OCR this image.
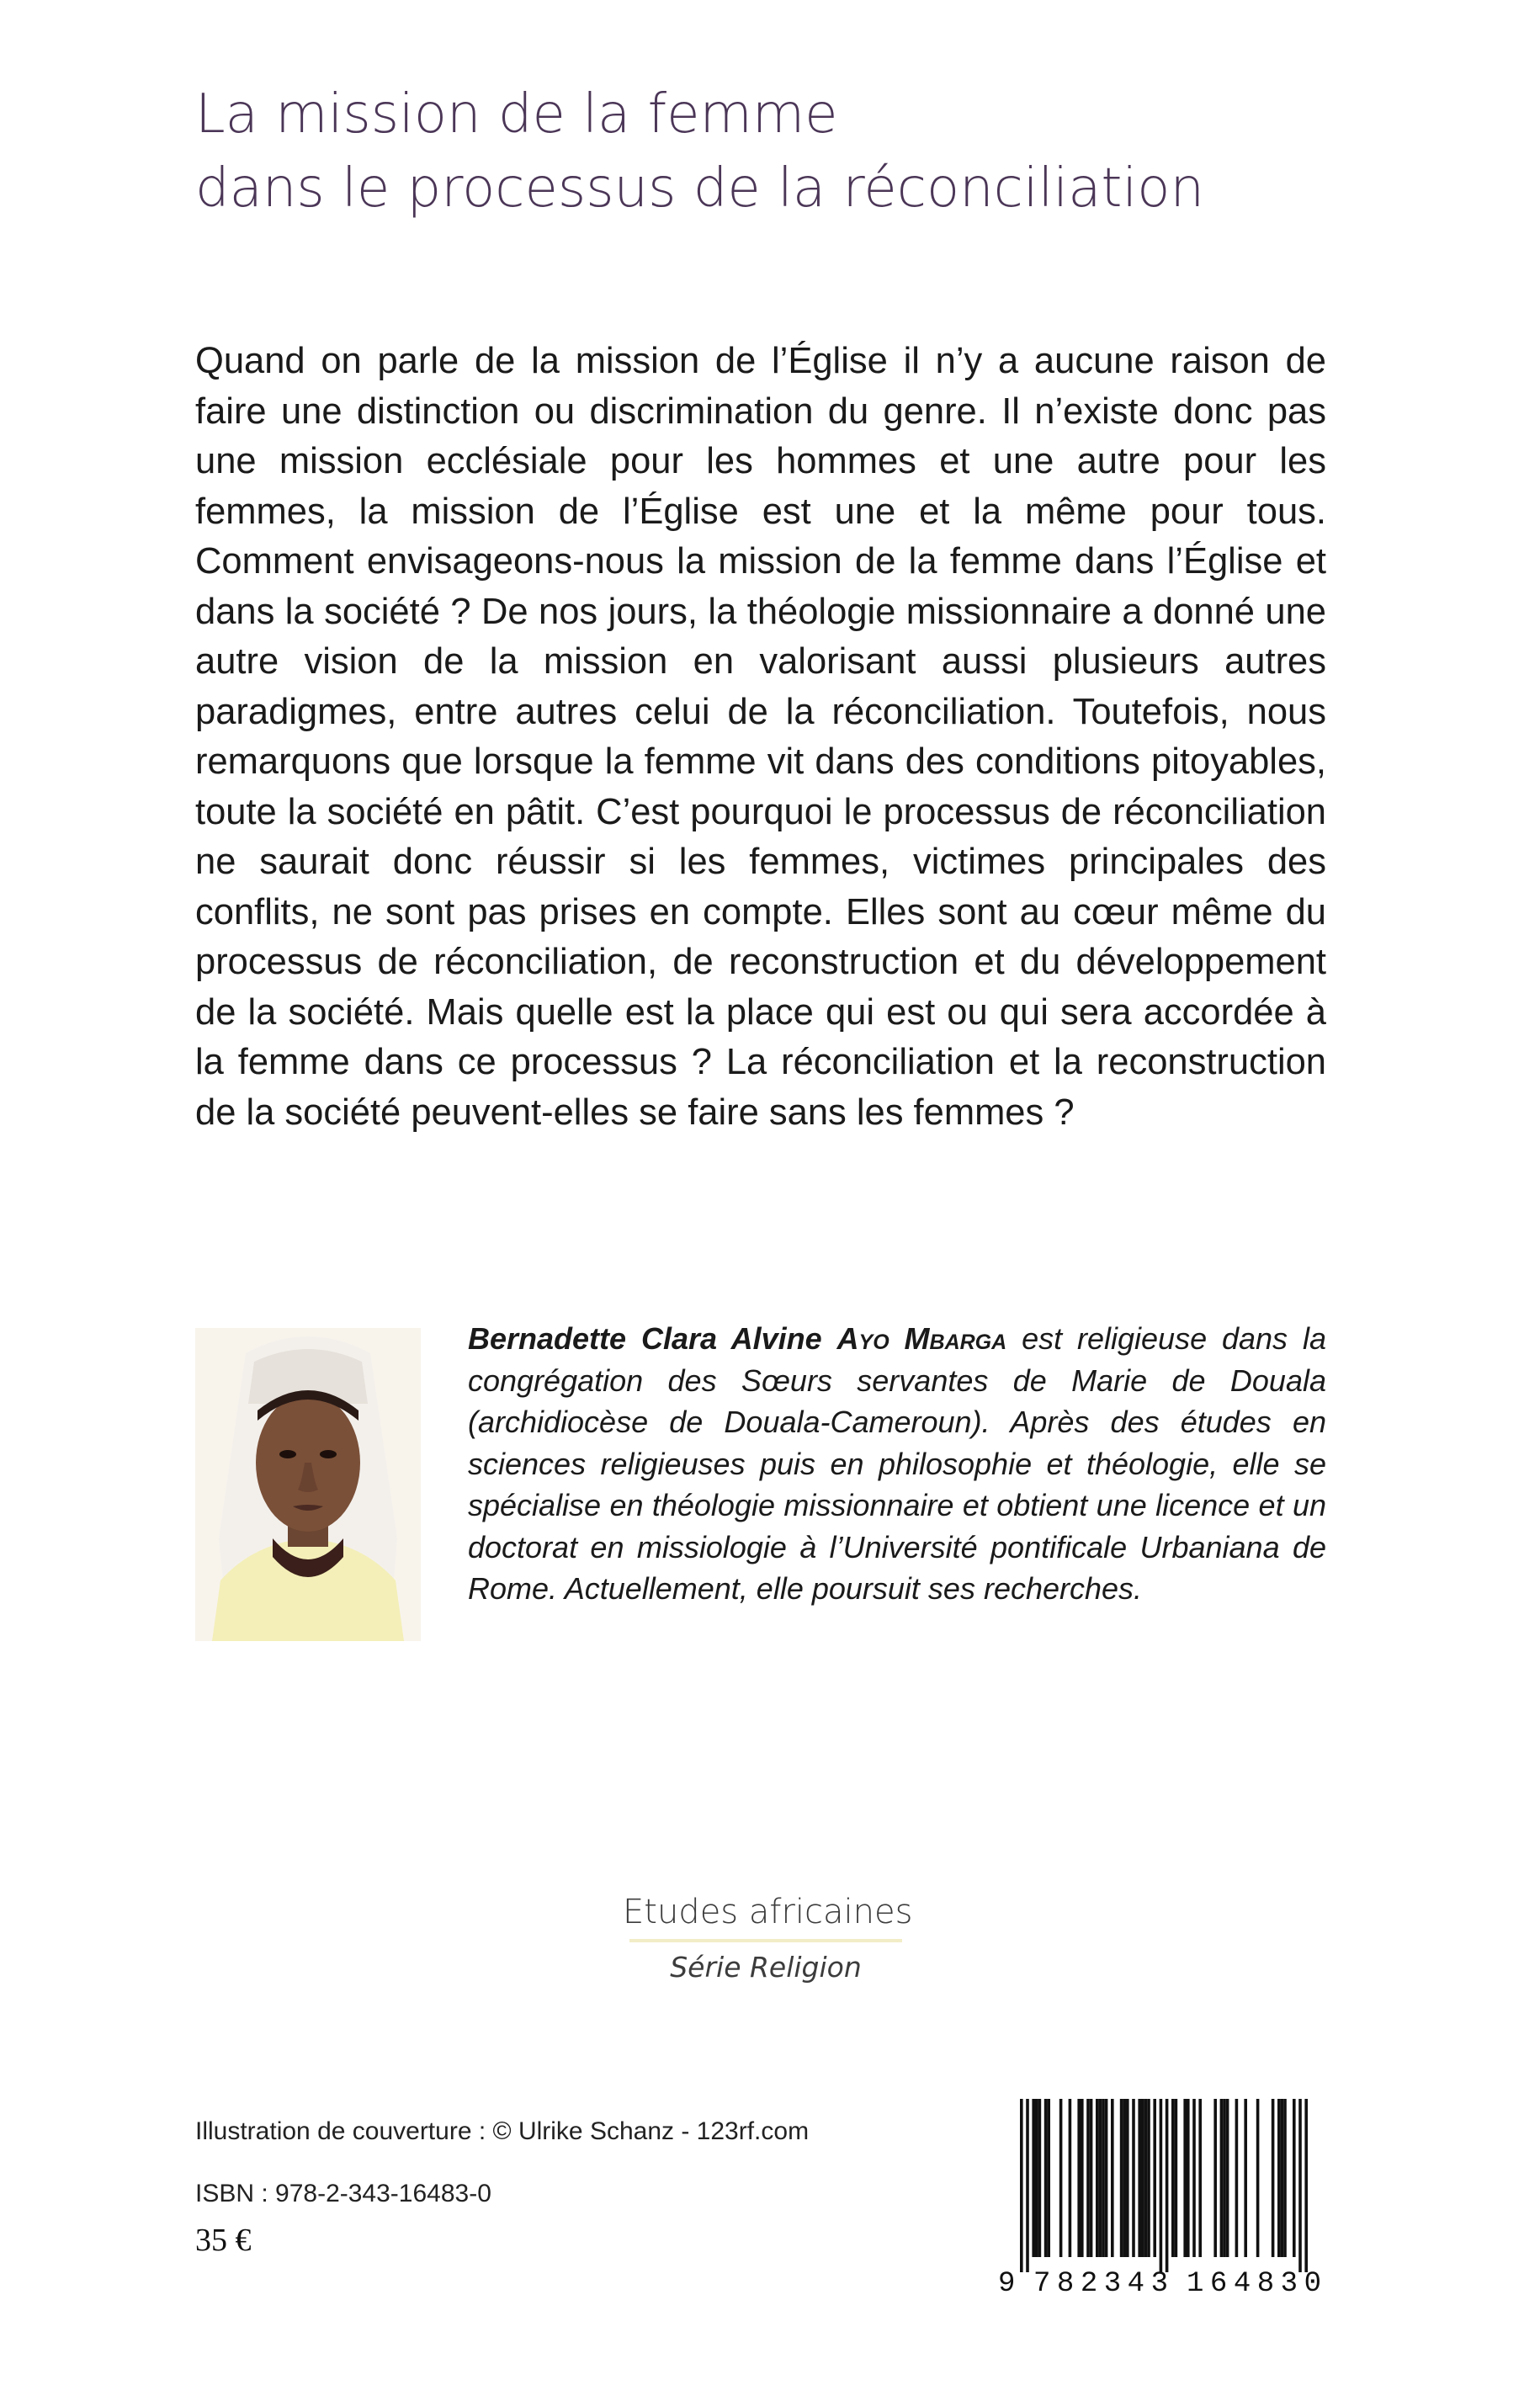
La mission de la femme
dans le processus de la réconciliation

Quand on parle de la mission de l’Église il n’y a aucune raison de faire une distinction ou discrimination du genre. Il n’existe donc pas une mission ecclésiale pour les hommes et une autre pour les femmes, la mission de l’Église est une et la même pour tous. Comment envisageons-nous la mission de la femme dans l’Église et dans la société ? De nos jours, la théologie missionnaire a donné une autre vision de la mission en valorisant aussi plusieurs autres paradigmes, entre autres celui de la réconciliation. Toutefois, nous remarquons que lorsque la femme vit dans des conditions pitoyables, toute la société en pâtit. C’est pourquoi le processus de réconciliation ne saurait donc réussir si les femmes, victimes principales des conflits, ne sont pas prises en compte. Elles sont au cœur même du processus de réconciliation, de reconstruction et du développement de la société. Mais quelle est la place qui est ou qui sera accordée à la femme dans ce processus ? La réconciliation et la reconstruction de la société peuvent-elles se faire sans les femmes ?

Bernadette Clara Alvine Ayo Mbarga est religieuse dans la congrégation des Sœurs servantes de Marie de Douala (archidiocèse de Douala-Cameroun). Après des études en sciences religieuses puis en philosophie et théologie, elle se spécialise en théologie missionnaire et obtient une licence et un doctorat en missiologie à l’Université pontificale Urbaniana de Rome. Actuellement, elle poursuit ses recherches.

Etudes africaines
Série Religion
Illustration de couverture : © Ulrike Schanz - 123rf.com
ISBN : 978-2-343-16483-0
35 €
9 782343 164830
